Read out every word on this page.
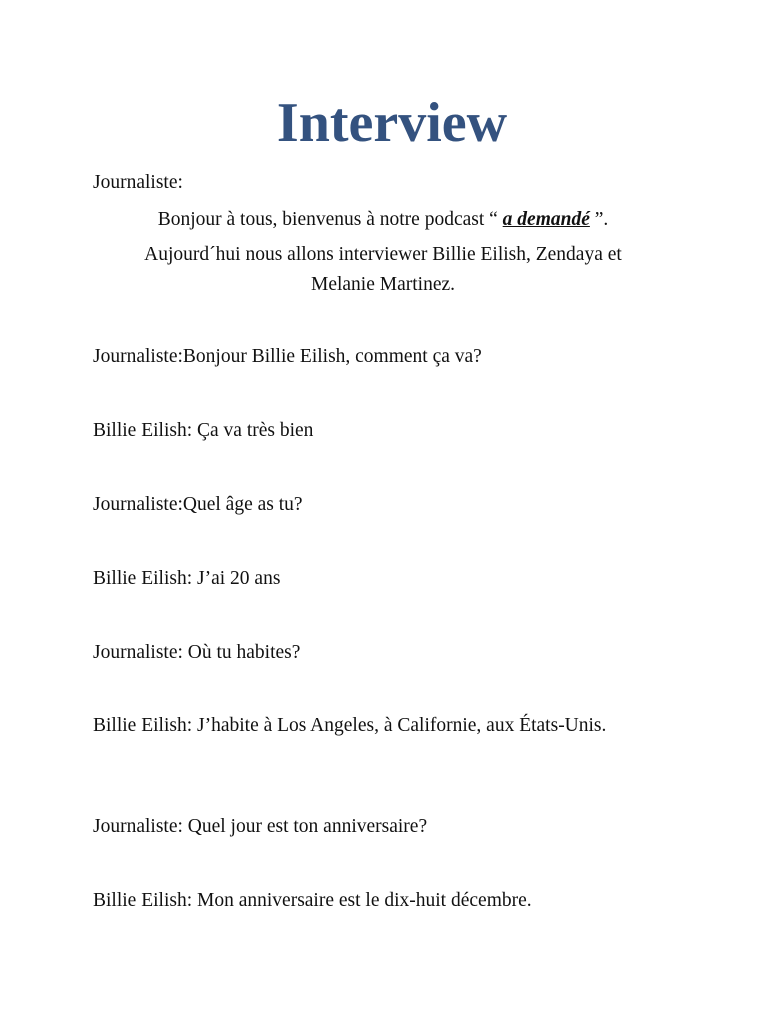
Interview
Journaliste:
Bonjour à tous, bienvenus à notre podcast “ a demandé ”.
Aujourd´hui nous allons interviewer Billie Eilish, Zendaya et
Melanie Martinez.
Journaliste:Bonjour Billie Eilish, comment ça va?
Billie Eilish: Ça va très bien
Journaliste:Quel âge as tu?
Billie Eilish: J’ai 20 ans
Journaliste: Où tu habites?
Billie Eilish: J’habite à Los Angeles, à Californie, aux États-Unis.
Journaliste: Quel jour est ton anniversaire?
Billie Eilish: Mon anniversaire est le dix-huit décembre.
